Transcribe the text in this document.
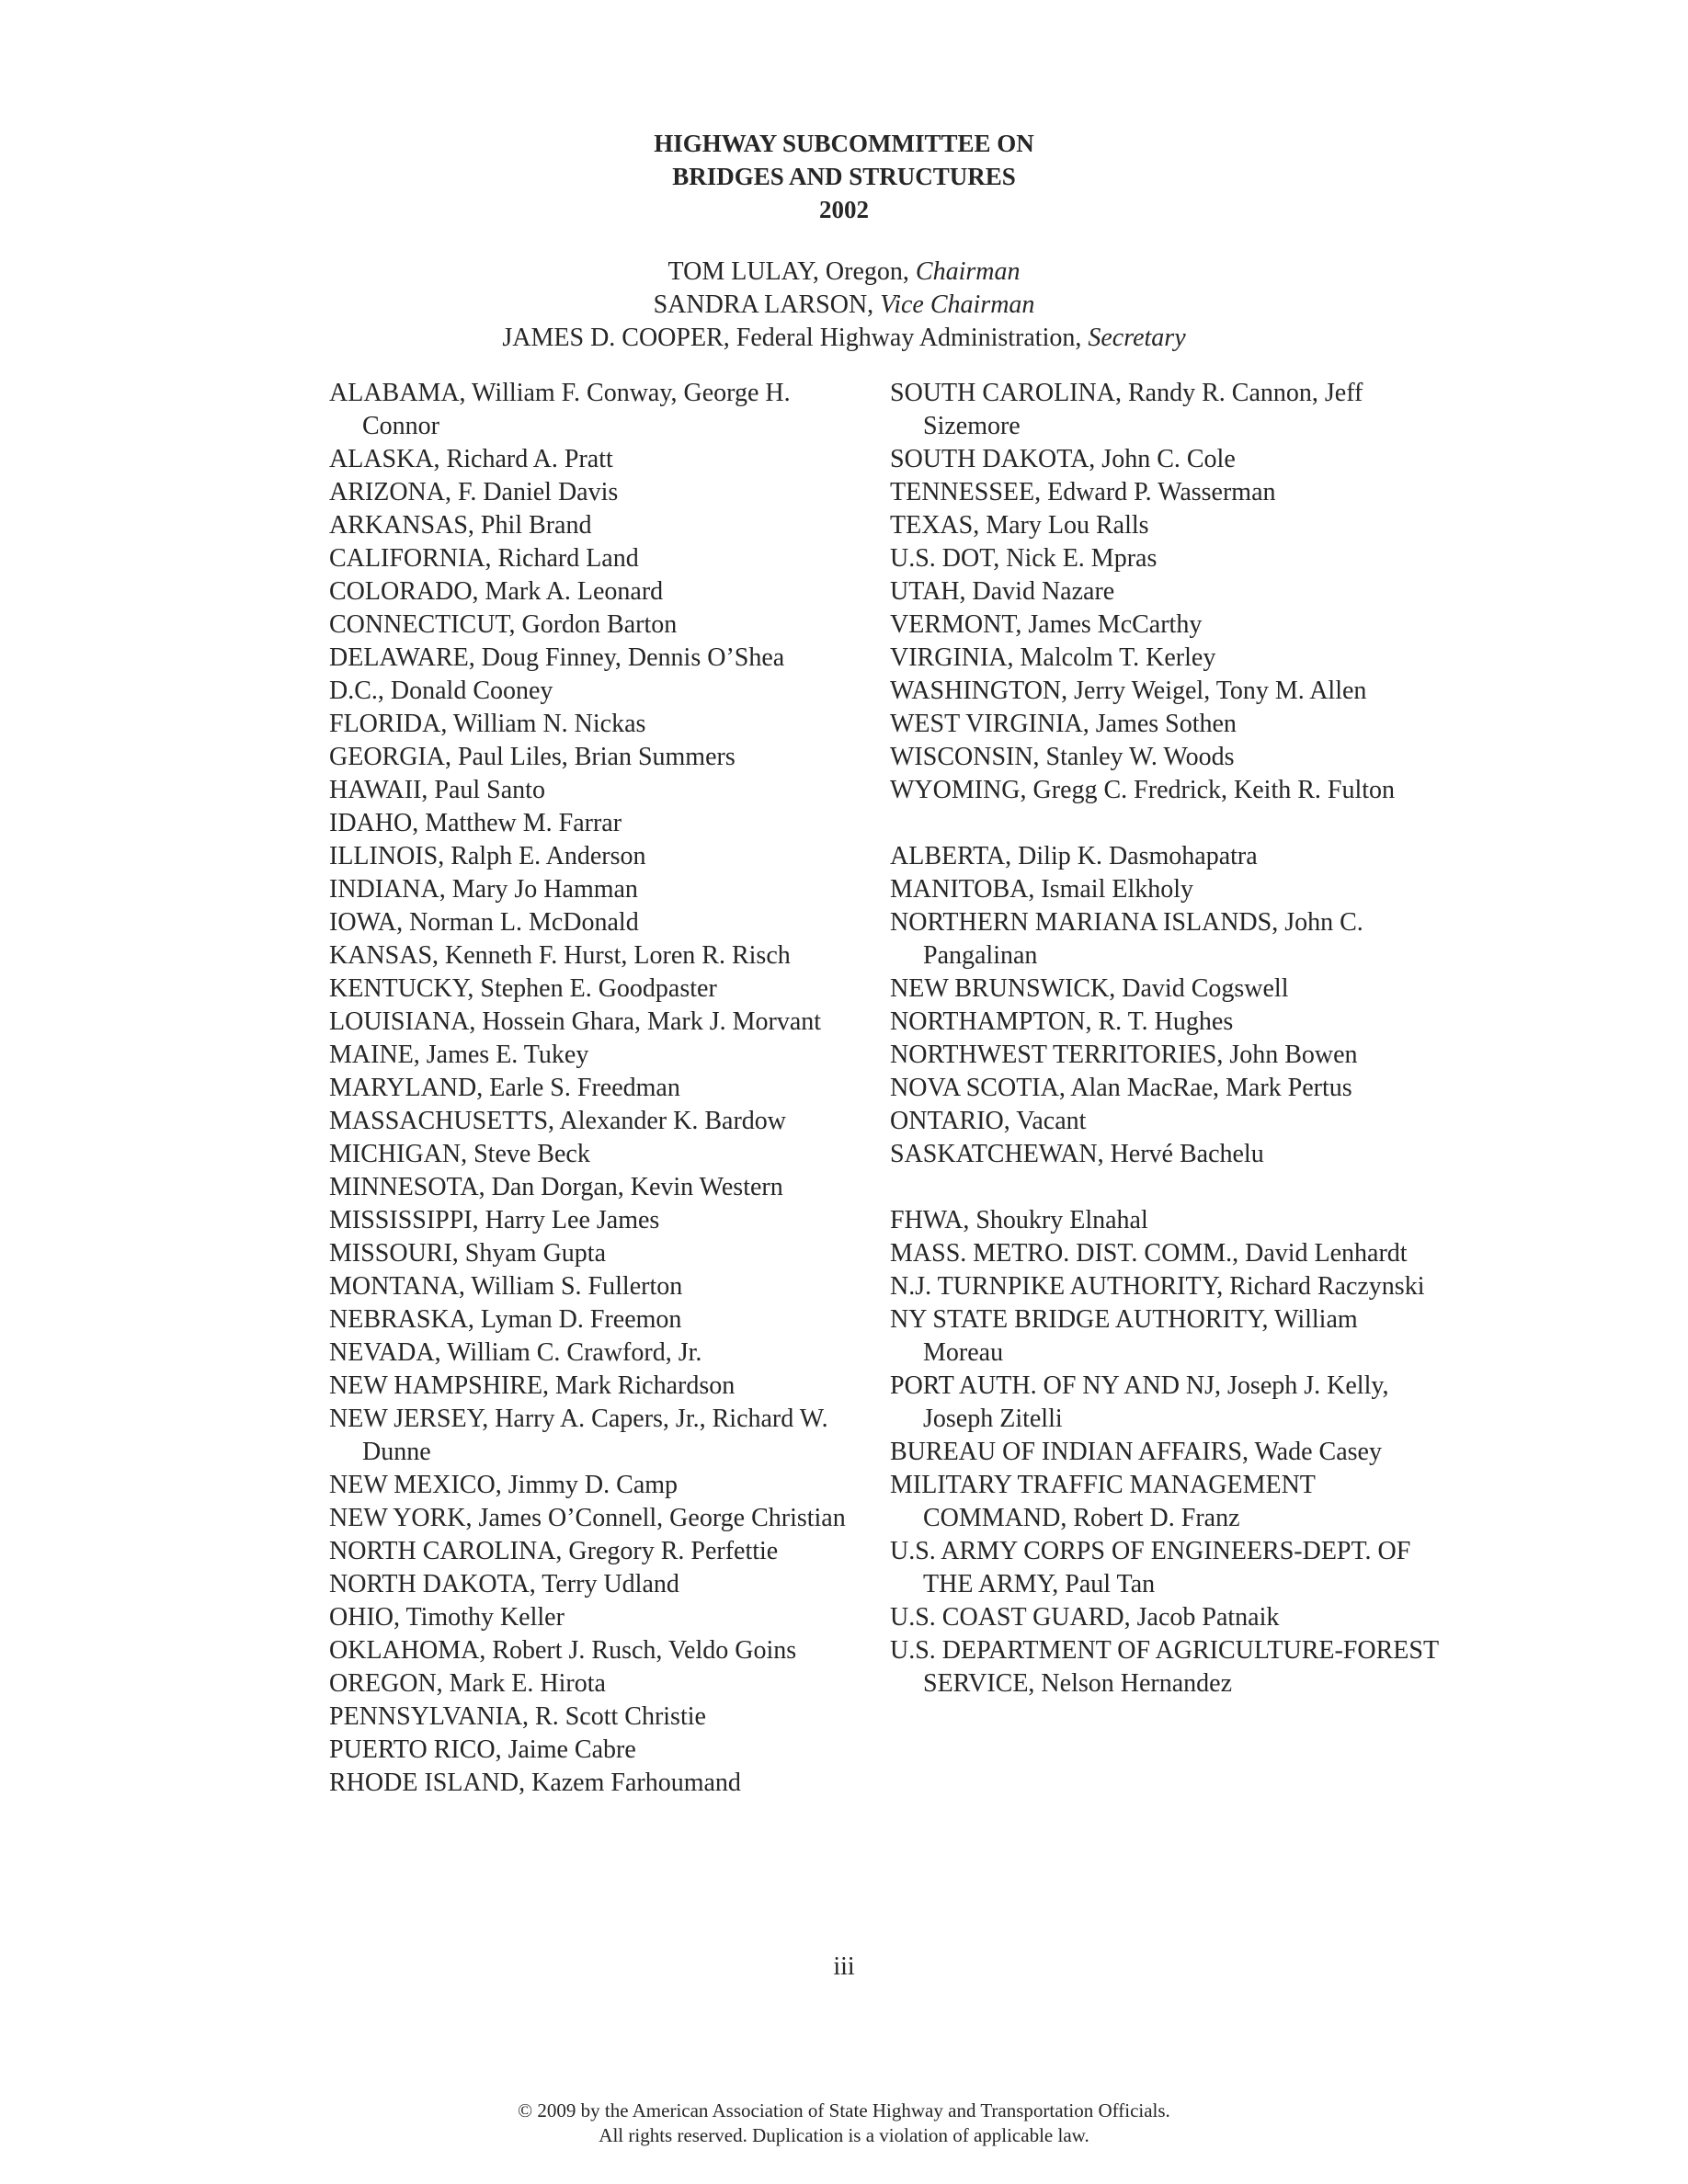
HIGHWAY SUBCOMMITTEE ON
BRIDGES AND STRUCTURES
2002
TOM LULAY, Oregon, Chairman
SANDRA LARSON, Vice Chairman
JAMES D. COOPER, Federal Highway Administration, Secretary
ALABAMA, William F. Conway, George H. Connor
ALASKA, Richard A. Pratt
ARIZONA, F. Daniel Davis
ARKANSAS, Phil Brand
CALIFORNIA, Richard Land
COLORADO, Mark A. Leonard
CONNECTICUT, Gordon Barton
DELAWARE, Doug Finney, Dennis O’Shea
D.C., Donald Cooney
FLORIDA, William N. Nickas
GEORGIA, Paul Liles, Brian Summers
HAWAII, Paul Santo
IDAHO, Matthew M. Farrar
ILLINOIS, Ralph E. Anderson
INDIANA, Mary Jo Hamman
IOWA, Norman L. McDonald
KANSAS, Kenneth F. Hurst, Loren R. Risch
KENTUCKY, Stephen E. Goodpaster
LOUISIANA, Hossein Ghara, Mark J. Morvant
MAINE, James E. Tukey
MARYLAND, Earle S. Freedman
MASSACHUSETTS, Alexander K. Bardow
MICHIGAN, Steve Beck
MINNESOTA, Dan Dorgan, Kevin Western
MISSISSIPPI, Harry Lee James
MISSOURI, Shyam Gupta
MONTANA, William S. Fullerton
NEBRASKA, Lyman D. Freemon
NEVADA, William C. Crawford, Jr.
NEW HAMPSHIRE, Mark Richardson
NEW JERSEY, Harry A. Capers, Jr., Richard W. Dunne
NEW MEXICO, Jimmy D. Camp
NEW YORK, James O’Connell, George Christian
NORTH CAROLINA, Gregory R. Perfettie
NORTH DAKOTA, Terry Udland
OHIO, Timothy Keller
OKLAHOMA, Robert J. Rusch, Veldo Goins
OREGON, Mark E. Hirota
PENNSYLVANIA, R. Scott Christie
PUERTO RICO, Jaime Cabre
RHODE ISLAND, Kazem Farhoumand
SOUTH CAROLINA, Randy R. Cannon, Jeff Sizemore
SOUTH DAKOTA, John C. Cole
TENNESSEE, Edward P. Wasserman
TEXAS, Mary Lou Ralls
U.S. DOT, Nick E. Mpras
UTAH, David Nazare
VERMONT, James McCarthy
VIRGINIA, Malcolm T. Kerley
WASHINGTON, Jerry Weigel, Tony M. Allen
WEST VIRGINIA, James Sothen
WISCONSIN, Stanley W. Woods
WYOMING, Gregg C. Fredrick, Keith R. Fulton
ALBERTA, Dilip K. Dasmohapatra
MANITOBA, Ismail Elkholy
NORTHERN MARIANA ISLANDS, John C. Pangalinan
NEW BRUNSWICK, David Cogswell
NORTHAMPTON, R. T. Hughes
NORTHWEST TERRITORIES, John Bowen
NOVA SCOTIA, Alan MacRae, Mark Pertus
ONTARIO, Vacant
SASKATCHEWAN, Hervé Bachelu
FHWA, Shoukry Elnahal
MASS. METRO. DIST. COMM., David Lenhardt
N.J. TURNPIKE AUTHORITY, Richard Raczynski
NY STATE BRIDGE AUTHORITY, William Moreau
PORT AUTH. OF NY AND NJ, Joseph J. Kelly, Joseph Zitelli
BUREAU OF INDIAN AFFAIRS, Wade Casey
MILITARY TRAFFIC MANAGEMENT COMMAND, Robert D. Franz
U.S. ARMY CORPS OF ENGINEERS-DEPT. OF THE ARMY, Paul Tan
U.S. COAST GUARD, Jacob Patnaik
U.S. DEPARTMENT OF AGRICULTURE-FOREST SERVICE, Nelson Hernandez
iii
© 2009 by the American Association of State Highway and Transportation Officials.
All rights reserved. Duplication is a violation of applicable law.
